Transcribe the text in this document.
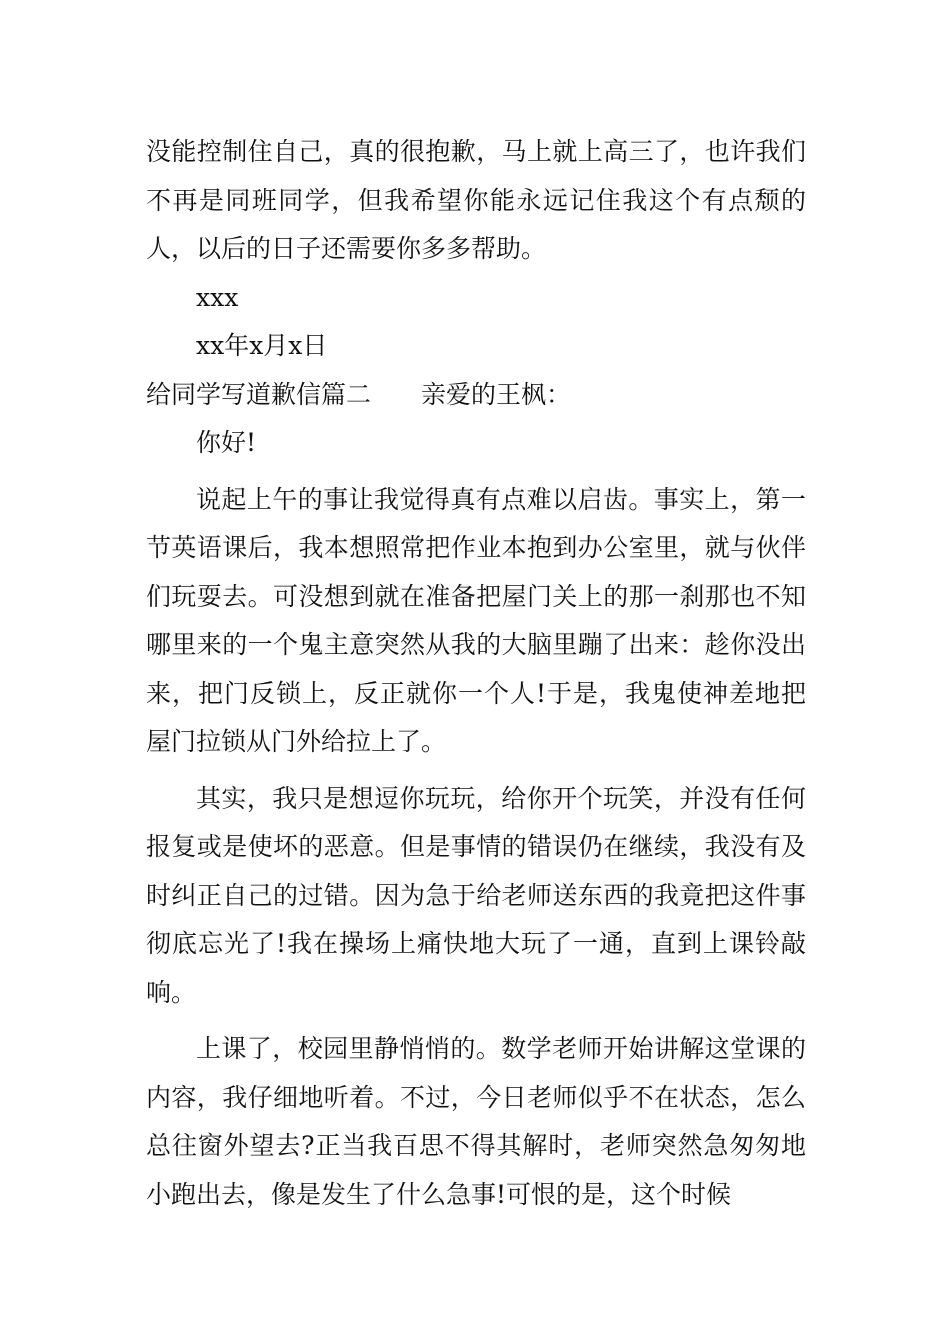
没能控制住自己，真的很抱歉，马上就上高三了，也许我们不再是同班同学，但我希望你能永远记住我这个有点颓的人，以后的日子还需要你多多帮助。

xxx

xx年x月x日

给同学写道歉信篇二 亲爱的王枫：

你好!

说起上午的事让我觉得真有点难以启齿。事实上，第一节英语课后，我本想照常把作业本抱到办公室里，就与伙伴们玩耍去。可没想到就在准备把屋门关上的那一刹那也不知哪里来的一个鬼主意突然从我的大脑里蹦了出来：趁你没出来，把门反锁上，反正就你一个人!于是，我鬼使神差地把屋门拉锁从门外给拉上了。

其实，我只是想逗你玩玩，给你开个玩笑，并没有任何报复或是使坏的恶意。但是事情的错误仍在继续，我没有及时纠正自己的过错。因为急于给老师送东西的我竟把这件事彻底忘光了!我在操场上痛快地大玩了一通，直到上课铃敲响。

上课了，校园里静悄悄的。数学老师开始讲解这堂课的内容，我仔细地听着。不过，今日老师似乎不在状态，怎么总往窗外望去?正当我百思不得其解时，老师突然急匆匆地小跑出去，像是发生了什么急事!可恨的是，这个时候
